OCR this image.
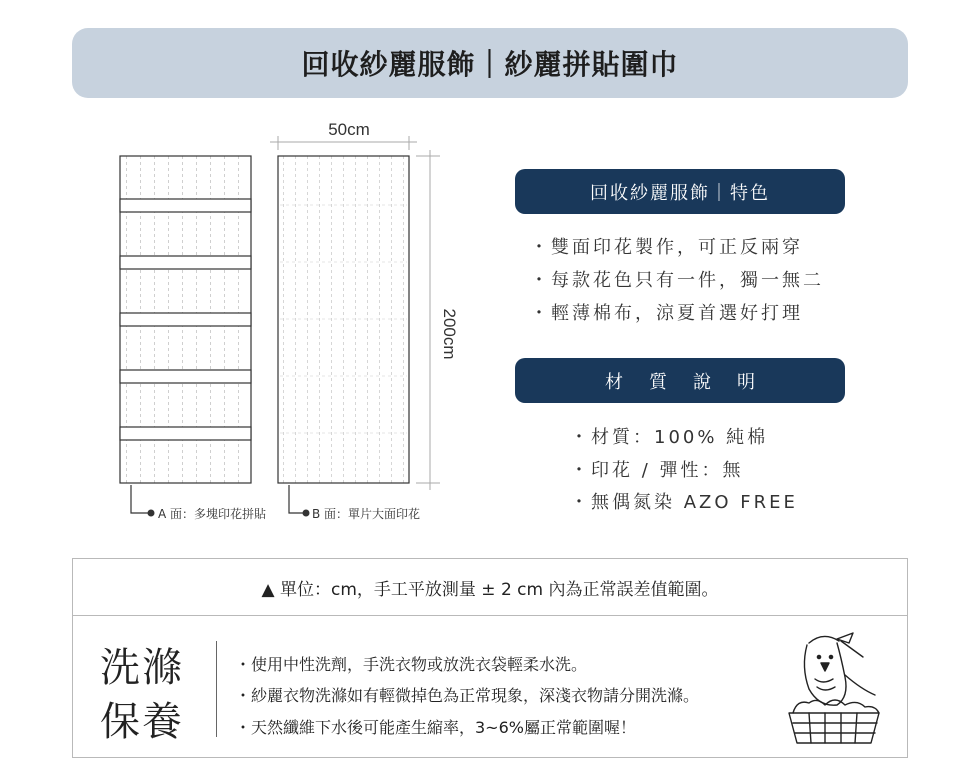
回收紗麗服飾｜紗麗拼貼圍巾
50cm
200cm
A 面：多塊印花拼貼	B 面：單片大面印花
回收紗麗服飾｜特色
・雙面印花製作，可正反兩穿
・每款花色只有一件，獨一無二
・輕薄棉布，涼夏首選好打理
材質說明
・材質：100% 純棉
・印花 / 彈性：無
・無偶氮染 AZO FREE
▲ 單位：cm，手工平放測量 ± 2 cm 內為正常誤差值範圍。
洗滌
保養
・使用中性洗劑，手洗衣物或放洗衣袋輕柔水洗。
・紗麗衣物洗滌如有輕微掉色為正常現象，深淺衣物請分開洗滌。
・天然纖維下水後可能產生縮率，3~6%屬正常範圍喔！
